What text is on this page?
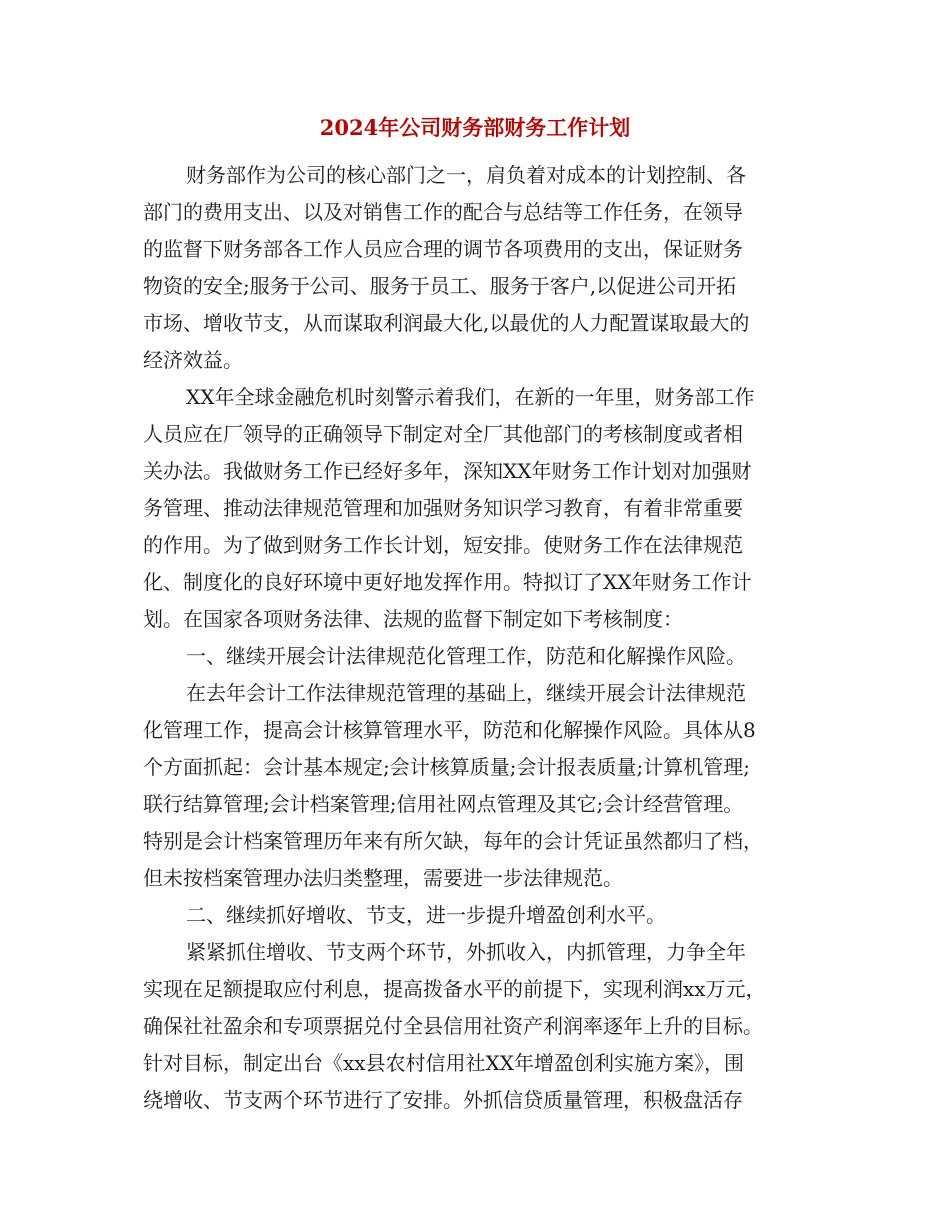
2024年公司财务部财务工作计划

财务部作为公司的核心部门之一，肩负着对成本的计划控制、各

部门的费用支出、以及对销售工作的配合与总结等工作任务，在领导

的监督下财务部各工作人员应合理的调节各项费用的支出，保证财务

物资的安全;服务于公司、服务于员工、服务于客户,以促进公司开拓

市场、增收节支，从而谋取利润最大化,以最优的人力配置谋取最大的

经济效益。

XX年全球金融危机时刻警示着我们，在新的一年里，财务部工作

人员应在厂领导的正确领导下制定对全厂其他部门的考核制度或者相

关办法。我做财务工作已经好多年，深知XX年财务工作计划对加强财

务管理、推动法律规范管理和加强财务知识学习教育，有着非常重要

的作用。为了做到财务工作长计划，短安排。使财务工作在法律规范

化、制度化的良好环境中更好地发挥作用。特拟订了XX年财务工作计

划。在国家各项财务法律、法规的监督下制定如下考核制度：

一、继续开展会计法律规范化管理工作，防范和化解操作风险。

在去年会计工作法律规范管理的基础上，继续开展会计法律规范

化管理工作，提高会计核算管理水平，防范和化解操作风险。具体从8

个方面抓起：会计基本规定;会计核算质量;会计报表质量;计算机管理;

联行结算管理;会计档案管理;信用社网点管理及其它;会计经营管理。

特别是会计档案管理历年来有所欠缺，每年的会计凭证虽然都归了档，

但未按档案管理办法归类整理，需要进一步法律规范。

二、继续抓好增收、节支，进一步提升增盈创利水平。

紧紧抓住增收、节支两个环节，外抓收入，内抓管理，力争全年

实现在足额提取应付利息，提高拨备水平的前提下，实现利润xx万元，

确保社社盈余和专项票据兑付全县信用社资产利润率逐年上升的目标。

针对目标，制定出台《xx县农村信用社XX年增盈创利实施方案》，围

绕增收、节支两个环节进行了安排。外抓信贷质量管理，积极盘活存
